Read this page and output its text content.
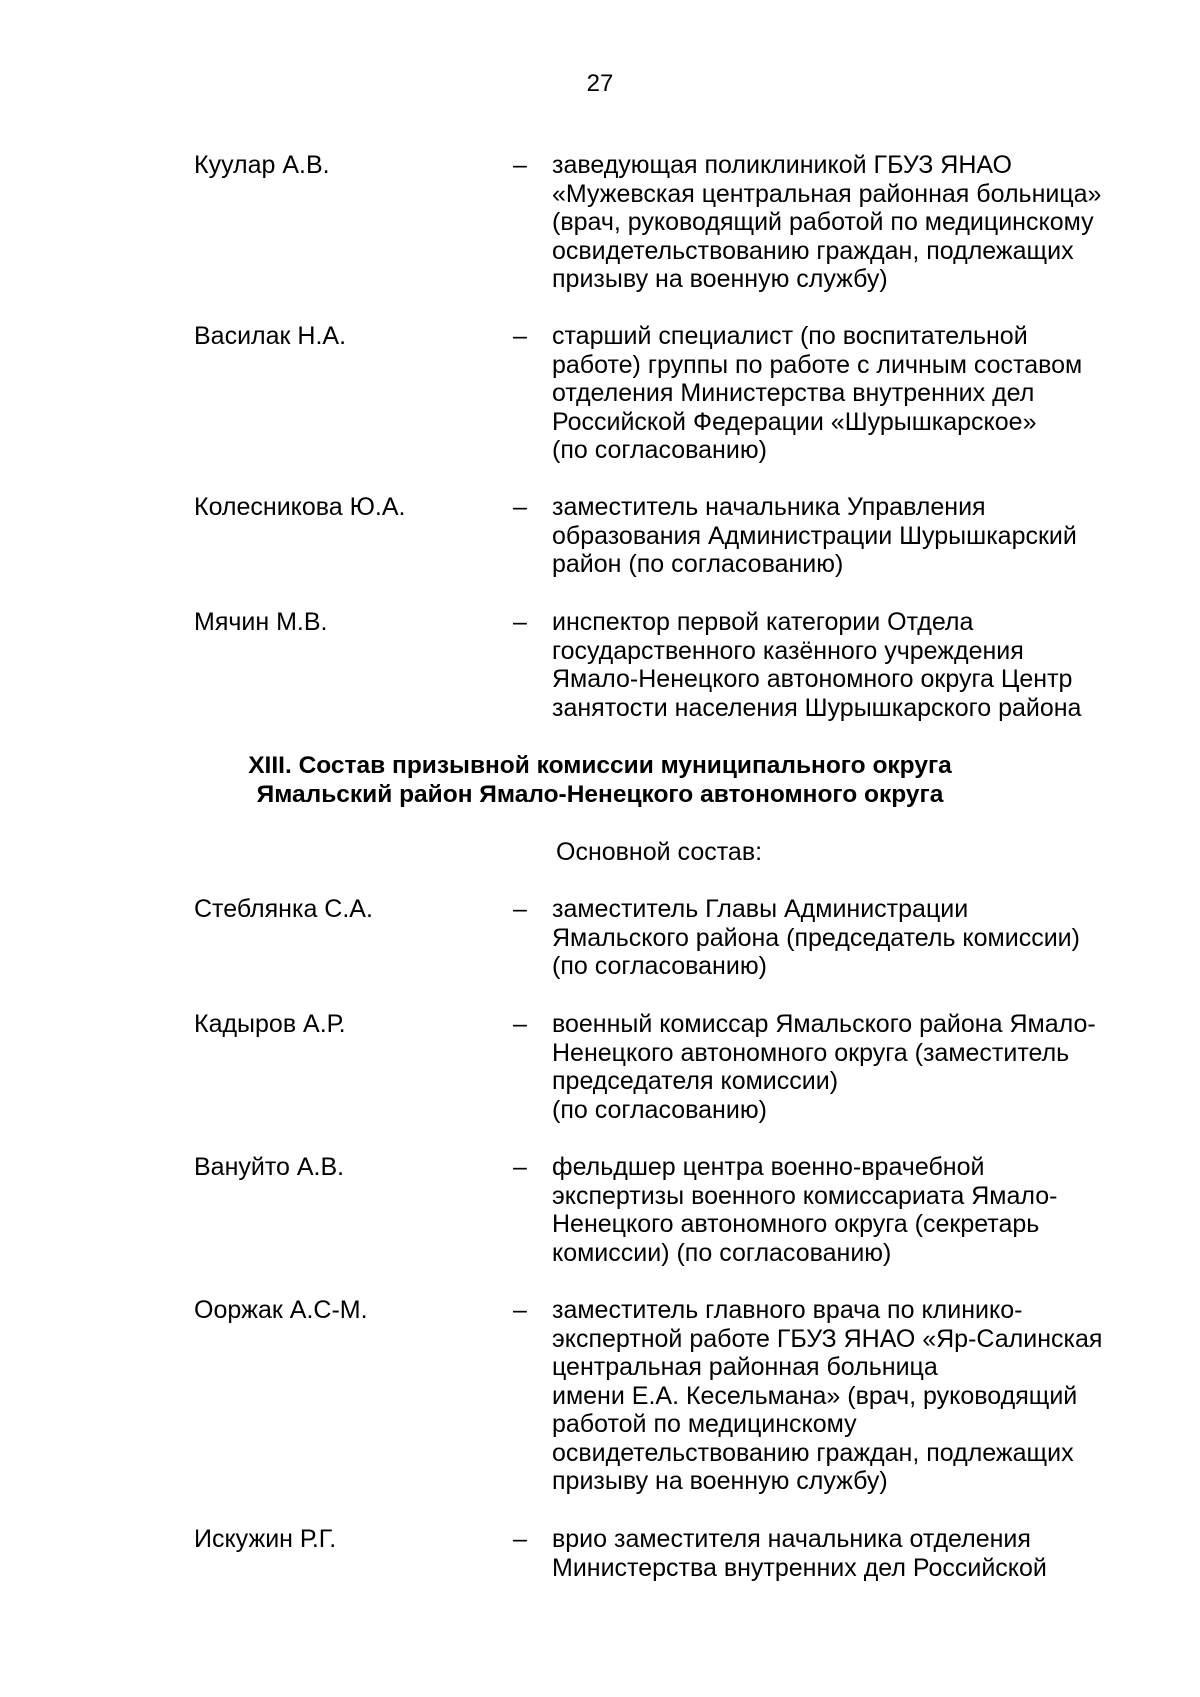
27
Куулар А.В.	– заведующая поликлиникой ГБУЗ ЯНАО
«Мужевская центральная районная больница»
(врач, руководящий работой по медицинскому
освидетельствованию граждан, подлежащих
призыву на военную службу)
Василак Н.А.	– старший специалист (по воспитательной
работе) группы по работе с личным составом
отделения Министерства внутренних дел
Российской Федерации «Шурышкарское»
(по согласованию)
Колесникова Ю.А.	– заместитель начальника Управления
образования Администрации Шурышкарский
район (по согласованию)
Мячин М.В.	– инспектор первой категории Отдела
государственного казённого учреждения
Ямало-Ненецкого автономного округа Центр
занятости населения Шурышкарского района
XIII. Состав призывной комиссии муниципального округа
Ямальский район Ямало-Ненецкого автономного округа
Основной состав:
Стеблянка С.А.	– заместитель Главы Администрации
Ямальского района (председатель комиссии)
(по согласованию)
Кадыров А.Р.	– военный комиссар Ямальского района Ямало-
Ненецкого автономного округа (заместитель
председателя комиссии)
(по согласованию)
Вануйто А.В.	– фельдшер центра военно-врачебной
экспертизы военного комиссариата Ямало-
Ненецкого автономного округа (секретарь
комиссии) (по согласованию)
Ооржак А.С-М.	– заместитель главного врача по клинико-
экспертной работе ГБУЗ ЯНАО «Яр-Салинская
центральная районная больница
имени Е.А. Кесельмана» (врач, руководящий
работой по медицинскому
освидетельствованию граждан, подлежащих
призыву на военную службу)
Искужин Р.Г.	– врио заместителя начальника отделения
Министерства внутренних дел Российской
